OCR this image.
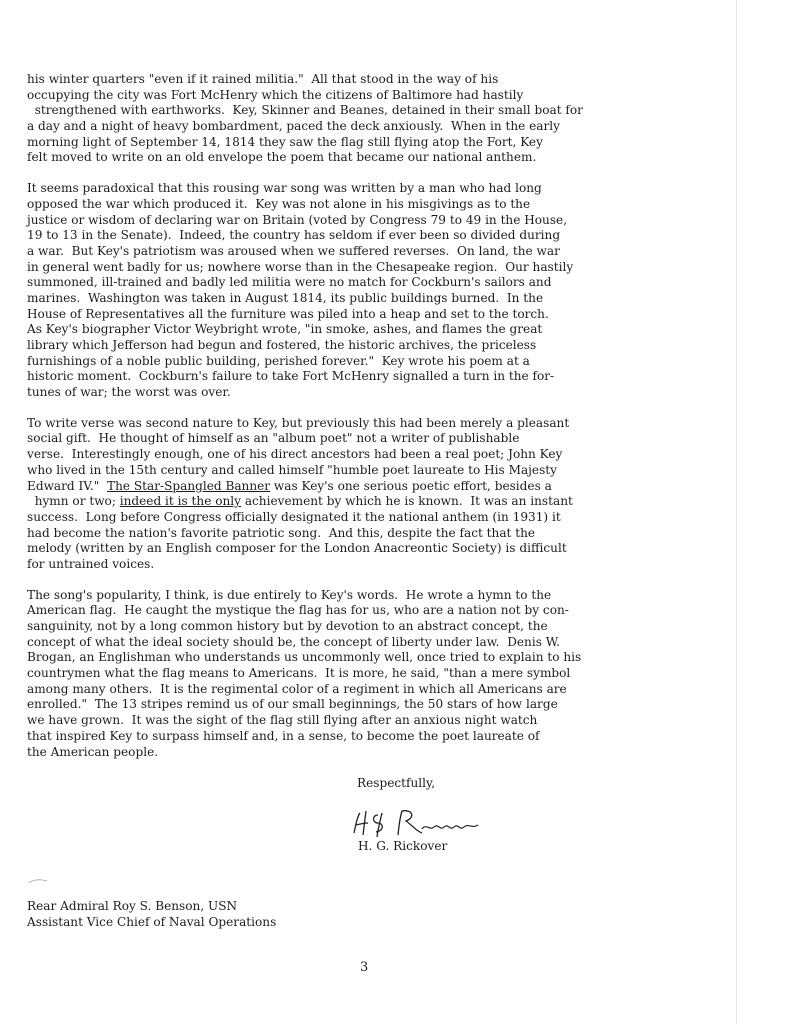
his winter quarters "even if it rained militia."  All that stood in the way of his
occupying the city was Fort McHenry which the citizens of Baltimore had hastily
strengthened with earthworks.  Key, Skinner and Beanes, detained in their small boat for
a day and a night of heavy bombardment, paced the deck anxiously.  When in the early
morning light of September 14, 1814 they saw the flag still flying atop the Fort, Key
felt moved to write on an old envelope the poem that became our national anthem.
It seems paradoxical that this rousing war song was written by a man who had long
opposed the war which produced it.  Key was not alone in his misgivings as to the
justice or wisdom of declaring war on Britain (voted by Congress 79 to 49 in the House,
19 to 13 in the Senate).  Indeed, the country has seldom if ever been so divided during
a war.  But Key's patriotism was aroused when we suffered reverses.  On land, the war
in general went badly for us; nowhere worse than in the Chesapeake region.  Our hastily
summoned, ill-trained and badly led militia were no match for Cockburn's sailors and
marines.  Washington was taken in August 1814, its public buildings burned.  In the
House of Representatives all the furniture was piled into a heap and set to the torch.
As Key's biographer Victor Weybright wrote, "in smoke, ashes, and flames the great
library which Jefferson had begun and fostered, the historic archives, the priceless
furnishings of a noble public building, perished forever."  Key wrote his poem at a
historic moment.  Cockburn's failure to take Fort McHenry signalled a turn in the for-
tunes of war; the worst was over.
To write verse was second nature to Key, but previously this had been merely a pleasant
social gift.  He thought of himself as an "album poet" not a writer of publishable
verse.  Interestingly enough, one of his direct ancestors had been a real poet; John Key
who lived in the 15th century and called himself "humble poet laureate to His Majesty
Edward IV."  The Star-Spangled Banner was Key's one serious poetic effort, besides a
hymn or two; indeed it is the only achievement by which he is known.  It was an instant
success.  Long before Congress officially designated it the national anthem (in 1931) it
had become the nation's favorite patriotic song.  And this, despite the fact that the
melody (written by an English composer for the London Anacreontic Society) is difficult
for untrained voices.
The song's popularity, I think, is due entirely to Key's words.  He wrote a hymn to the
American flag.  He caught the mystique the flag has for us, who are a nation not by con-
sanguinity, not by a long common history but by devotion to an abstract concept, the
concept of what the ideal society should be, the concept of liberty under law.  Denis W.
Brogan, an Englishman who understands us uncommonly well, once tried to explain to his
countrymen what the flag means to Americans.  It is more, he said, "than a mere symbol
among many others.  It is the regimental color of a regiment in which all Americans are
enrolled."  The 13 stripes remind us of our small beginnings, the 50 stars of how large
we have grown.  It was the sight of the flag still flying after an anxious night watch
that inspired Key to surpass himself and, in a sense, to become the poet laureate of
the American people.
Respectfully,
H. G. Rickover
Rear Admiral Roy S. Benson, USN
Assistant Vice Chief of Naval Operations
3
